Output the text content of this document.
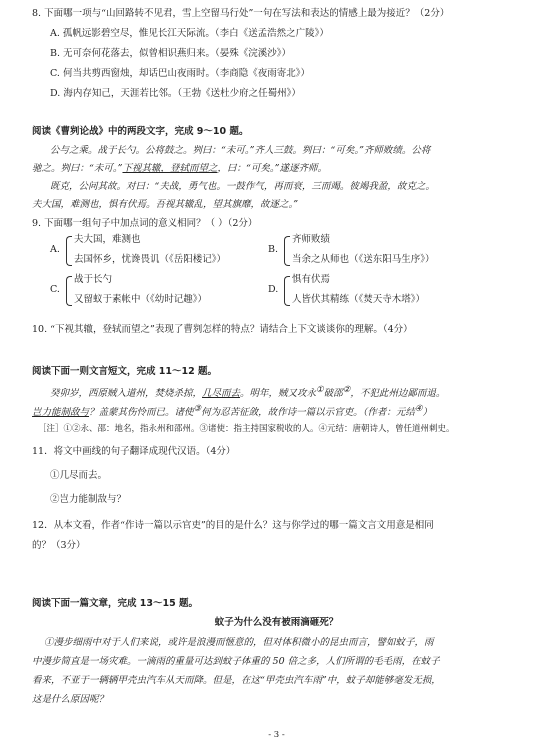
8. 下面哪一项与“山回路转不见君，雪上空留马行处”一句在写法和表达的情感上最为接近？（2分）
A. 孤帆远影碧空尽，惟见长江天际流。（李白《送孟浩然之广陵》）
B. 无可奈何花落去，似曾相识燕归来。（晏殊《浣溪沙》）
C. 何当共剪西窗烛，却话巴山夜雨时。（李商隐《夜雨寄北》）
D. 海内存知己，天涯若比邻。（王勃《送杜少府之任蜀州》）
阅读《曹刿论战》中的两段文字，完成 9～10 题。
公与之乘。战于长勺。公将鼓之。刿曰：“未可。”齐人三鼓。刿曰：“可矣。”齐师败绩。公将
驰之。刿曰：“未可。”下视其辙，登轼而望之，曰：“可矣。”遂逐齐师。
既克，公问其故。对曰：“夫战，勇气也。一鼓作气，再而衰，三而竭。彼竭我盈，故克之。
夫大国，难测也，惧有伏焉。吾视其辙乱，望其旗靡，故逐之。”
9. 下面哪一组句子中加点词的意义相同？（ ）（2分）
A.
夫大国，难测也
去国怀乡，忧谗畏讥（《岳阳楼记》）
B.
齐师败绩
当余之从师也（《送东阳马生序》）
C.
战于长勺
又留蚁于素帐中（《幼时记趣》）
D.
惧有伏焉
人皆伏其精练（《焚天寺木塔》）
10. “下视其辙，登轼而望之”表现了曹刿怎样的特点？请结合上下文谈谈你的理解。（4分）
阅读下面一则文言短文，完成 11～12 题。
癸卯岁，西原贼入道州，焚烧杀掠，几尽而去。明年，贼又攻永①破邵②，不犯此州边鄙而退。
岂力能制敌与？盖蒙其伤怜而已。诸使③何为忍苦征敛，故作诗一篇以示官吏。（作者：元结④）
［注］①②永、邵：地名，指永州和邵州。③诸使：指主持国家税收的人。④元结：唐朝诗人，曾任道州刺史。
11．将文中画线的句子翻译成现代汉语。（4分）
①几尽而去。
②岂力能制敌与？
12．从本文看，作者“作诗一篇以示官吏”的目的是什么？这与你学过的哪一篇文言文用意是相同
的？（3分）
阅读下面一篇文章，完成 13～15 题。
蚊子为什么没有被雨滴砸死？
①漫步细雨中对于人们来说，或许是浪漫而惬意的，但对体积微小的昆虫而言，譬如蚊子，雨
中漫步简直是一场灾难。一滴雨的重量可达到蚊子体重的 50 倍之多，人们所谓的毛毛雨，在蚊子
看来，不亚于一辆辆甲壳虫汽车从天而降。但是，在这“甲壳虫汽车雨”中，蚊子却能够毫发无损，
这是什么原因呢？
- 3 -
